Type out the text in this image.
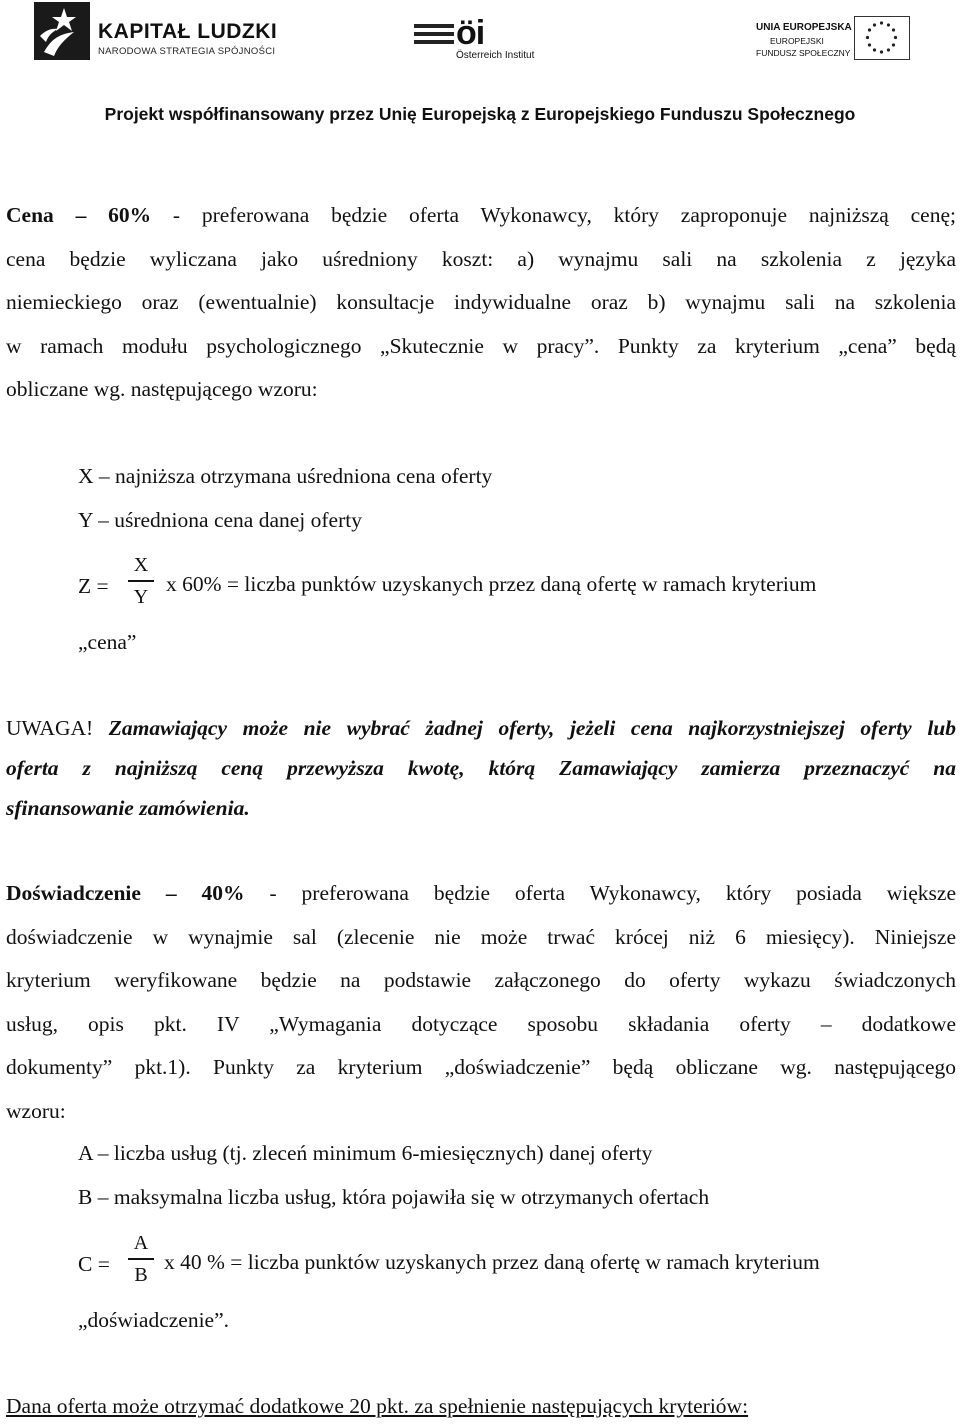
KAPITAŁ LUDZKI
NARODOWA STRATEGIA SPÓJNOŚCI	öi
Österreich Institut
UNIA EUROPEJSKA
EUROPEJSKI
FUNDUSZ SPOŁECZNY
Projekt współfinansowany przez Unię Europejską z Europejskiego Funduszu Społecznego
Cena – 60% - preferowana będzie oferta Wykonawcy, który zaproponuje najniższą cenę;
cena będzie wyliczana jako uśredniony koszt: a) wynajmu sali na szkolenia z języka
niemieckiego oraz (ewentualnie) konsultacje indywidualne oraz b) wynajmu sali na szkolenia
w ramach modułu psychologicznego „Skutecznie w pracy”. Punkty za kryterium „cena” będą
obliczane wg. następującego wzoru:
X – najniższa otrzymana uśredniona cena oferty
Y – uśredniona cena danej oferty
Z =
X
Y
x 60% = liczba punktów uzyskanych przez daną ofertę w ramach kryterium
„cena”
UWAGA! Zamawiający może nie wybrać żadnej oferty, jeżeli cena najkorzystniejszej oferty lub
oferta z najniższą ceną przewyższa kwotę, którą Zamawiający zamierza przeznaczyć na
sfinansowanie zamówienia.
Doświadczenie – 40% - preferowana będzie oferta Wykonawcy, który posiada większe
doświadczenie w wynajmie sal (zlecenie nie może trwać krócej niż 6 miesięcy). Niniejsze
kryterium weryfikowane będzie na podstawie załączonego do oferty wykazu świadczonych
usług, opis pkt. IV „Wymagania dotyczące sposobu składania oferty – dodatkowe
dokumenty” pkt.1). Punkty za kryterium „doświadczenie” będą obliczane wg. następującego
wzoru:
A – liczba usług (tj. zleceń minimum 6-miesięcznych) danej oferty
B – maksymalna liczba usług, która pojawiła się w otrzymanych ofertach
C =
A
B
x 40 % = liczba punktów uzyskanych przez daną ofertę w ramach kryterium
„doświadczenie”.
Dana oferta może otrzymać dodatkowe 20 pkt. za spełnienie następujących kryteriów:
